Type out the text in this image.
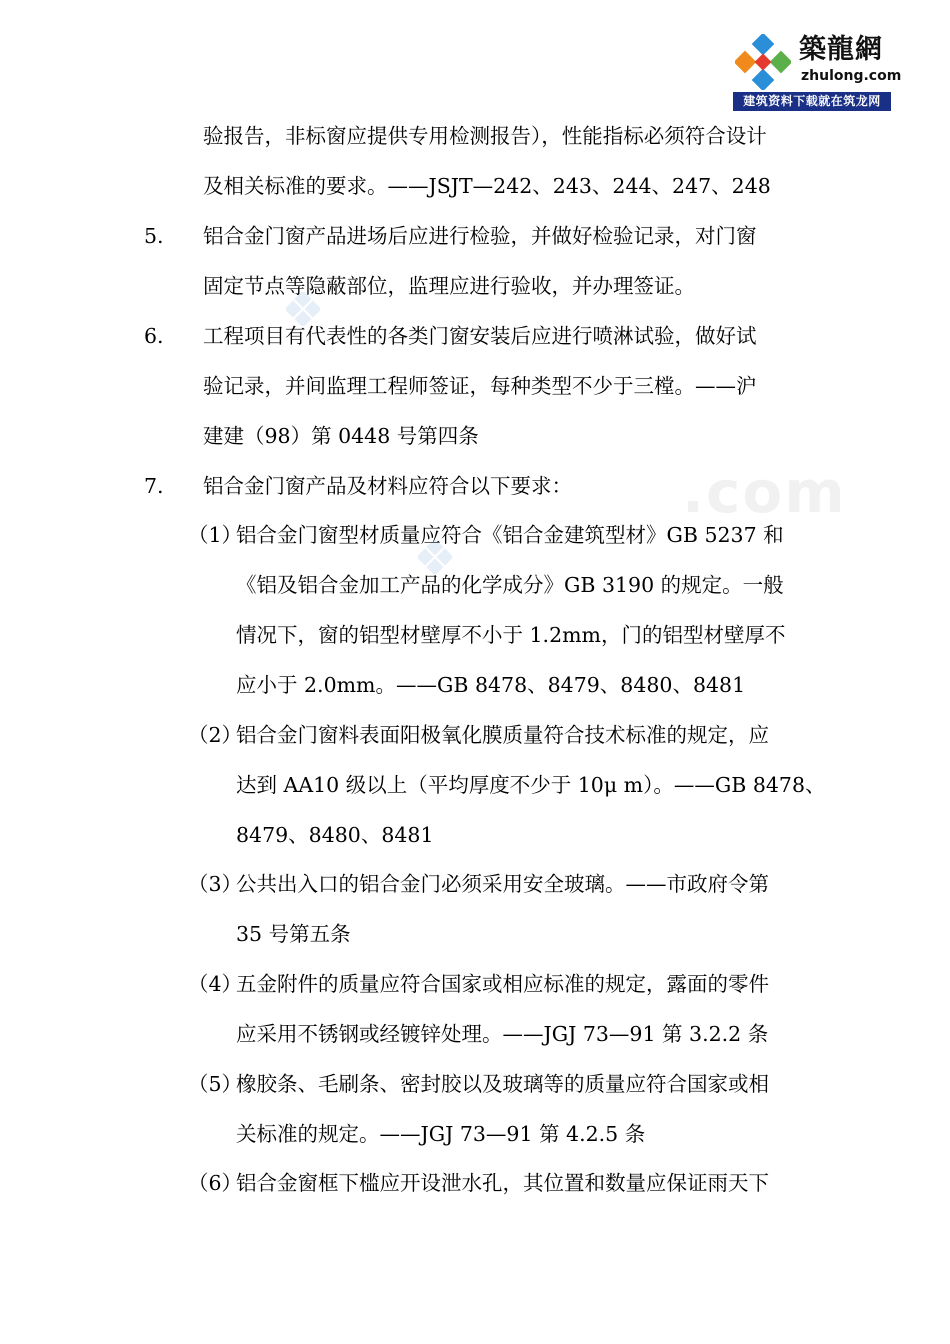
築龍網
zhulong.com
建筑资料下载就在筑龙网
.com
验报告，非标窗应提供专用检测报告），性能指标必须符合设计
及相关标准的要求。——JSJT—242、243、244、247、248
5. 铝合金门窗产品进场后应进行检验，并做好检验记录，对门窗
固定节点等隐蔽部位，监理应进行验收，并办理签证。
6. 工程项目有代表性的各类门窗安装后应进行喷淋试验，做好试
验记录，并间监理工程师签证，每种类型不少于三樘。——沪
建建（98）第 0448 号第四条
7. 铝合金门窗产品及材料应符合以下要求：
（1）
铝合金门窗型材质量应符合《铝合金建筑型材》GB 5237 和
《铝及铝合金加工产品的化学成分》GB 3190 的规定。一般
情况下，窗的铝型材壁厚不小于 1.2mm，门的铝型材壁厚不
应小于 2.0mm。——GB 8478、8479、8480、8481
（2）
铝合金门窗料表面阳极氧化膜质量符合技术标准的规定，应
达到 AA10 级以上（平均厚度不少于 10μ m）。——GB 8478、
8479、8480、8481
（3）
公共出入口的铝合金门必须采用安全玻璃。——市政府令第
35 号第五条
（4）
五金附件的质量应符合国家或相应标准的规定，露面的零件
应采用不锈钢或经镀锌处理。——JGJ 73—91 第 3.2.2 条
（5）
橡胶条、毛刷条、密封胶以及玻璃等的质量应符合国家或相
关标准的规定。——JGJ 73—91 第 4.2.5 条
（6）
铝合金窗框下槛应开设泄水孔，其位置和数量应保证雨天下
